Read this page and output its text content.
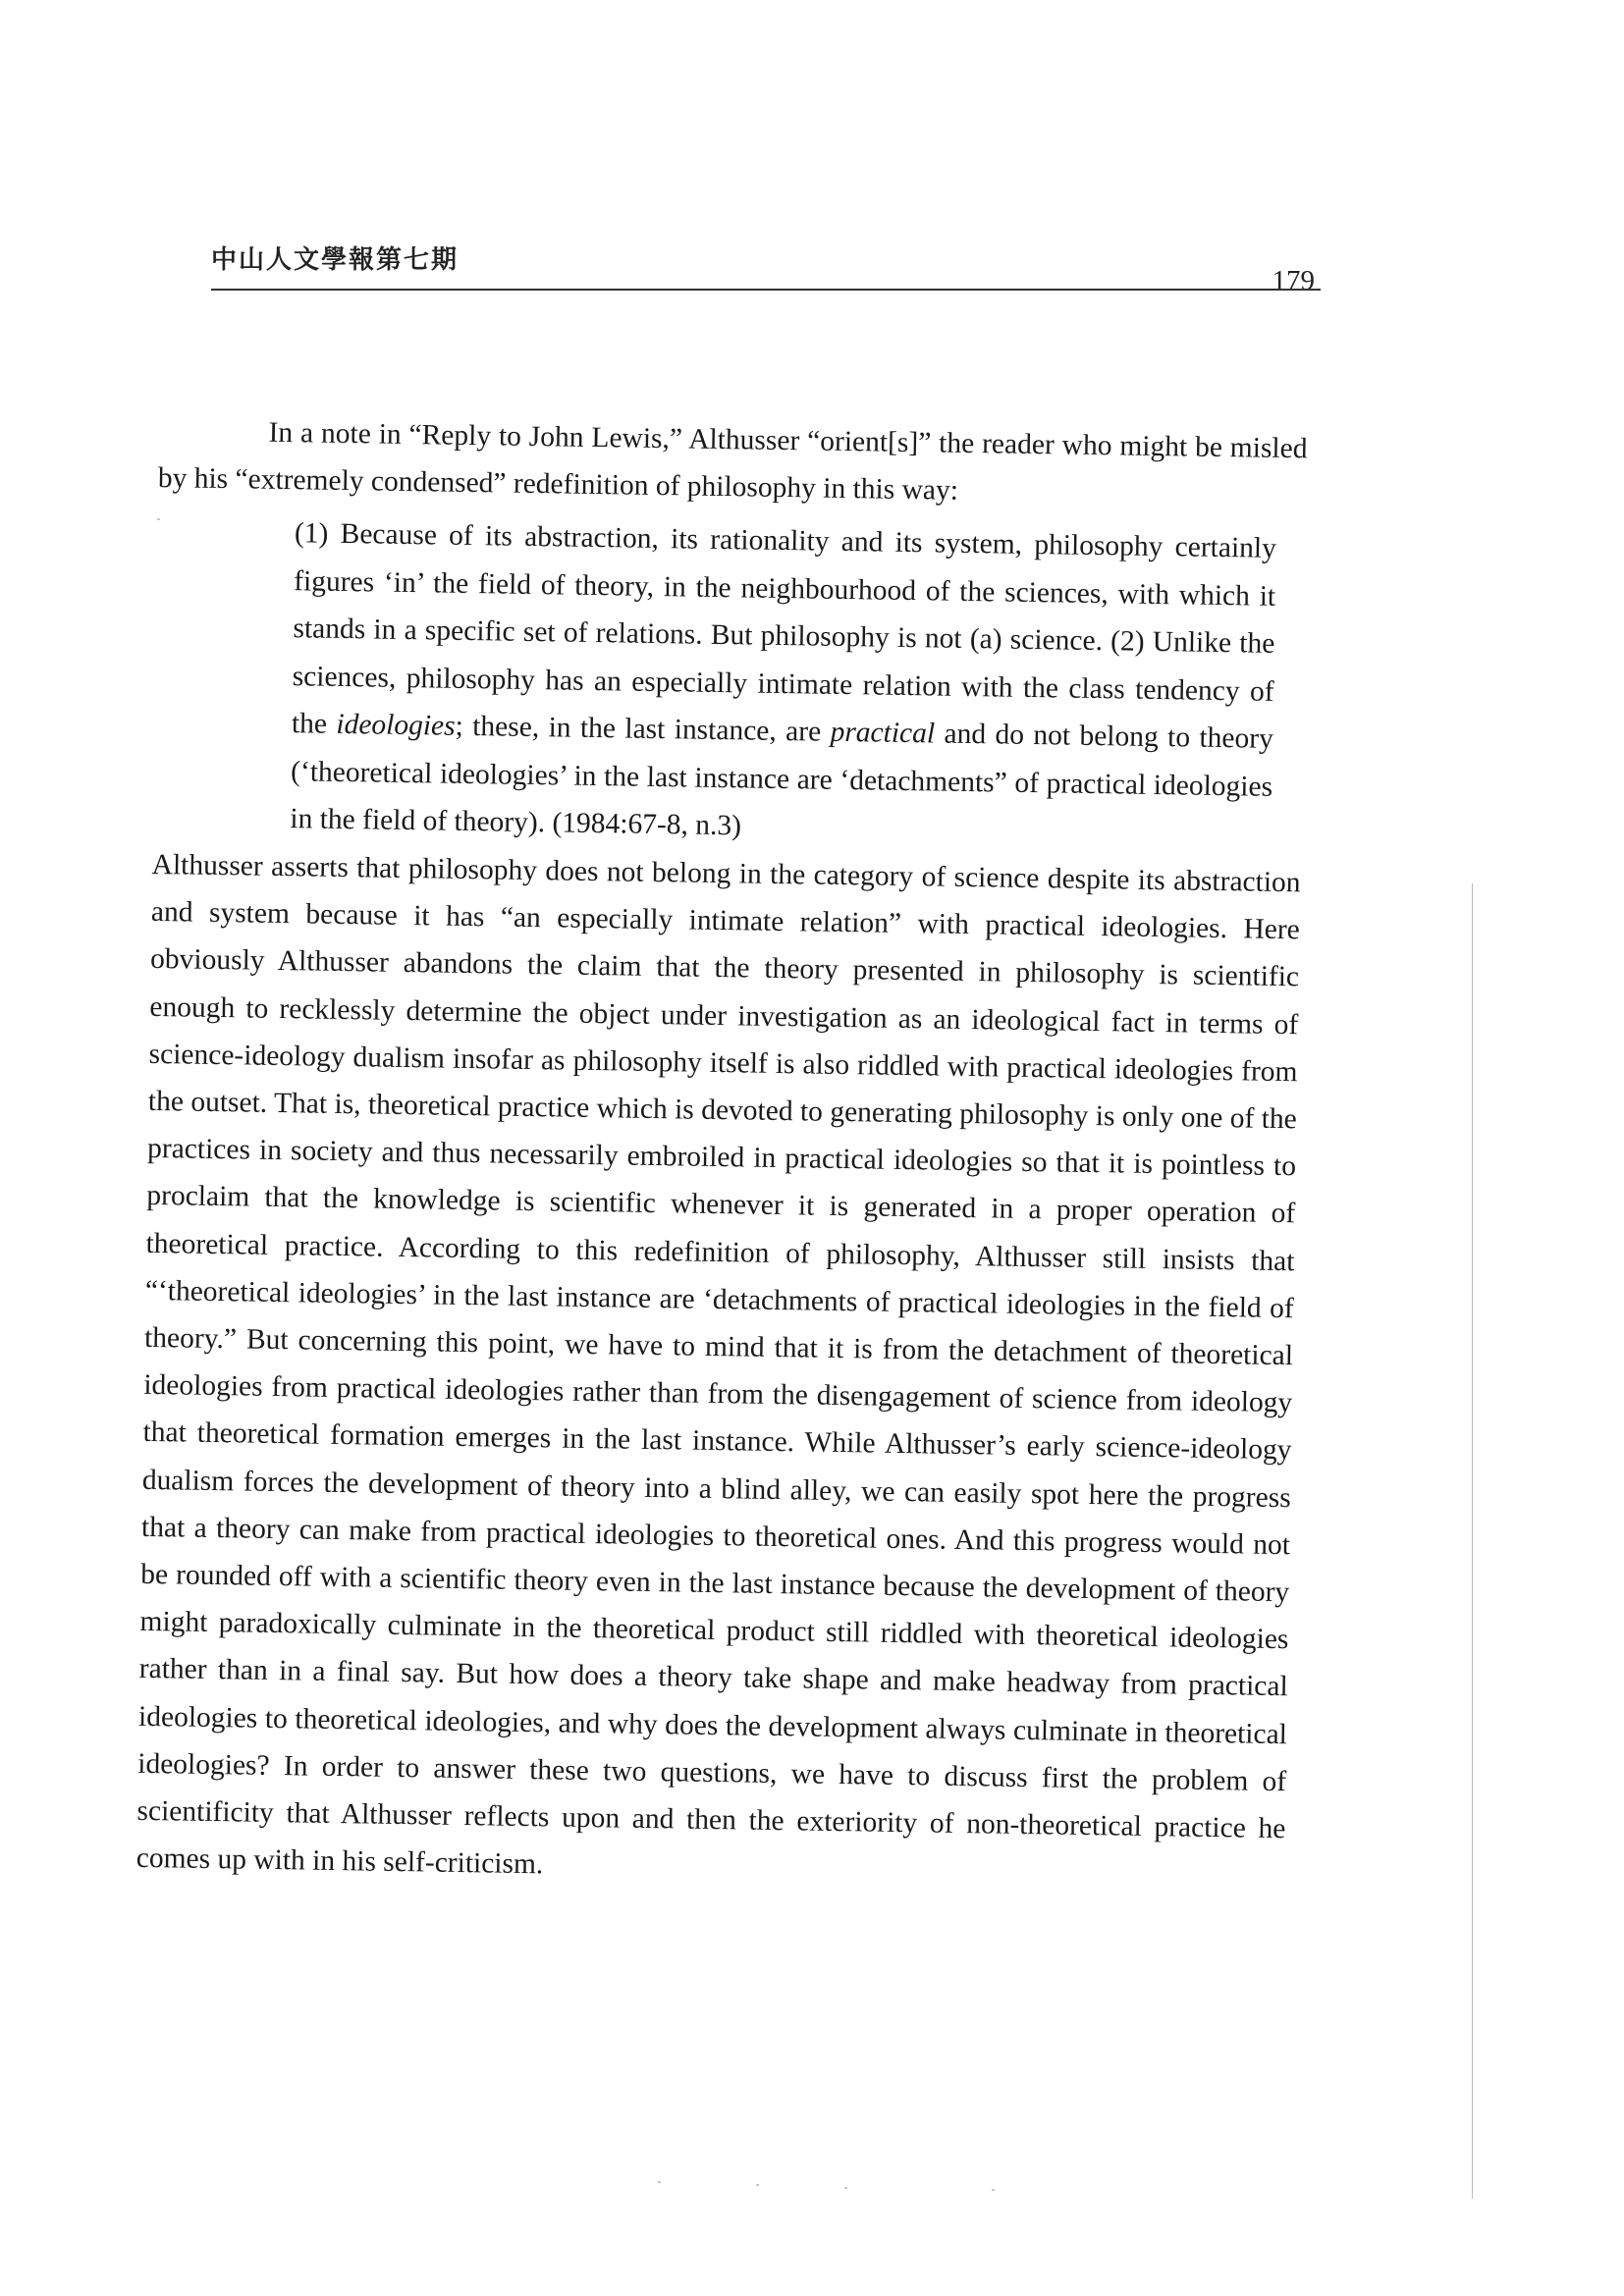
中山人文學報第七期
179

In a note in “Reply to John Lewis,” Althusser “orient[s]” the reader who might be misled by his “extremely condensed” redefinition of philosophy in this way:

(1) Because of its abstraction, its rationality and its system, philosophy certainly figures ‘in’ the field of theory, in the neighbourhood of the sciences, with which it stands in a specific set of relations. But philosophy is not (a) science. (2) Unlike the sciences, philosophy has an especially intimate relation with the class tendency of the ideologies; these, in the last instance, are practical and do not belong to theory (‘theoretical ideologies’ in the last instance are ‘detachments” of practical ideologies in the field of theory). (1984:67-8, n.3)

Althusser asserts that philosophy does not belong in the category of science despite its abstraction and system because it has “an especially intimate relation” with practical ideologies. Here obviously Althusser abandons the claim that the theory presented in philosophy is scientific enough to recklessly determine the object under investigation as an ideological fact in terms of science-ideology dualism insofar as philosophy itself is also riddled with practical ideologies from the outset. That is, theoretical practice which is devoted to generating philosophy is only one of the practices in society and thus necessarily embroiled in practical ideologies so that it is pointless to proclaim that the knowledge is scientific whenever it is generated in a proper operation of theoretical practice. According to this redefinition of philosophy, Althusser still insists that “‘theoretical ideologies’ in the last instance are ‘detachments of practical ideologies in the field of theory.” But concerning this point, we have to mind that it is from the detachment of theoretical ideologies from practical ideologies rather than from the disengagement of science from ideology that theoretical formation emerges in the last instance. While Althusser’s early science-ideology dualism forces the development of theory into a blind alley, we can easily spot here the progress that a theory can make from practical ideologies to theoretical ones. And this progress would not be rounded off with a scientific theory even in the last instance because the development of theory might paradoxically culminate in the theoretical product still riddled with theoretical ideologies rather than in a final say. But how does a theory take shape and make headway from practical ideologies to theoretical ideologies, and why does the development always culminate in theoretical ideologies? In order to answer these two questions, we have to discuss first the problem of scientificity that Althusser reflects upon and then the exteriority of non-theoretical practice he comes up with in his self-criticism.
